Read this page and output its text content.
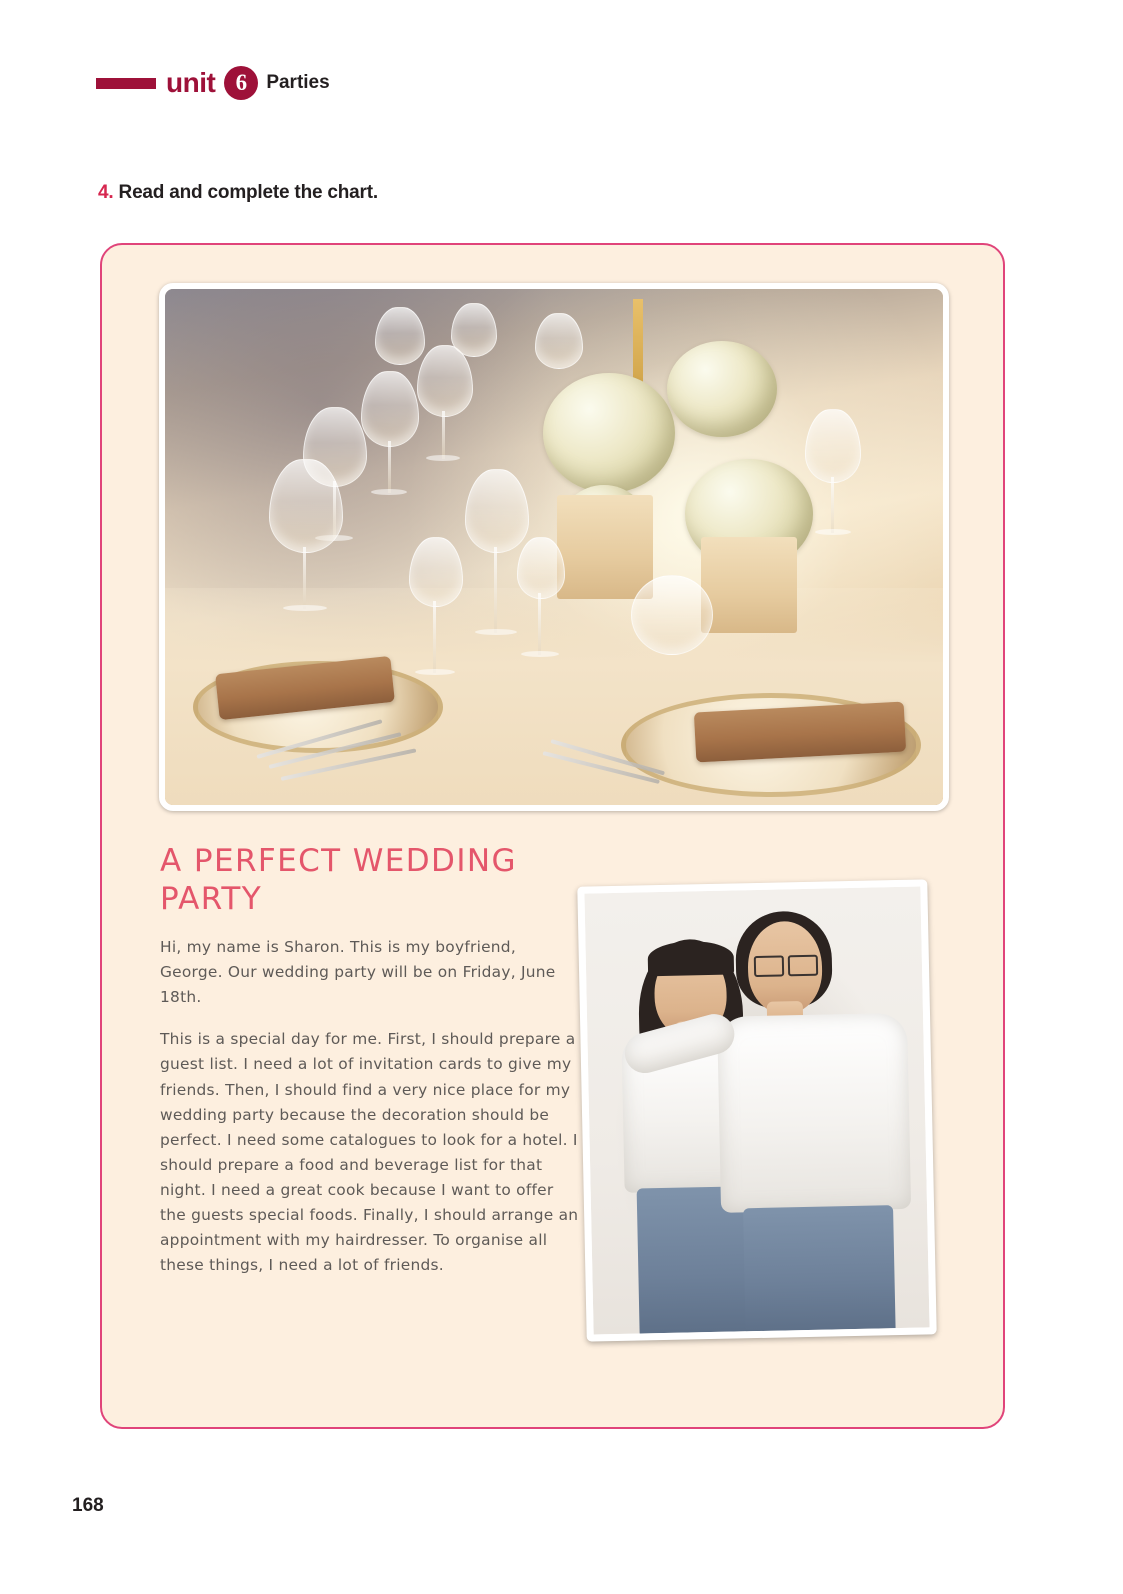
unit 6	Parties
4. Read and complete the chart.
A PERFECT WEDDING PARTY

Hi, my name is Sharon. This is my boyfriend, George. Our wedding party will be on Friday, June 18th.

This is a special day for me. First, I should prepare a guest list. I need a lot of invitation cards to give my friends. Then, I should find a very nice place for my wedding party because the decoration should be perfect. I need some catalogues to look for a hotel. I should prepare a food and beverage list for that night. I need a great cook because I want to offer the guests special foods. Finally, I should arrange an appointment with my hairdresser. To organise all these things, I need a lot of friends.

168
